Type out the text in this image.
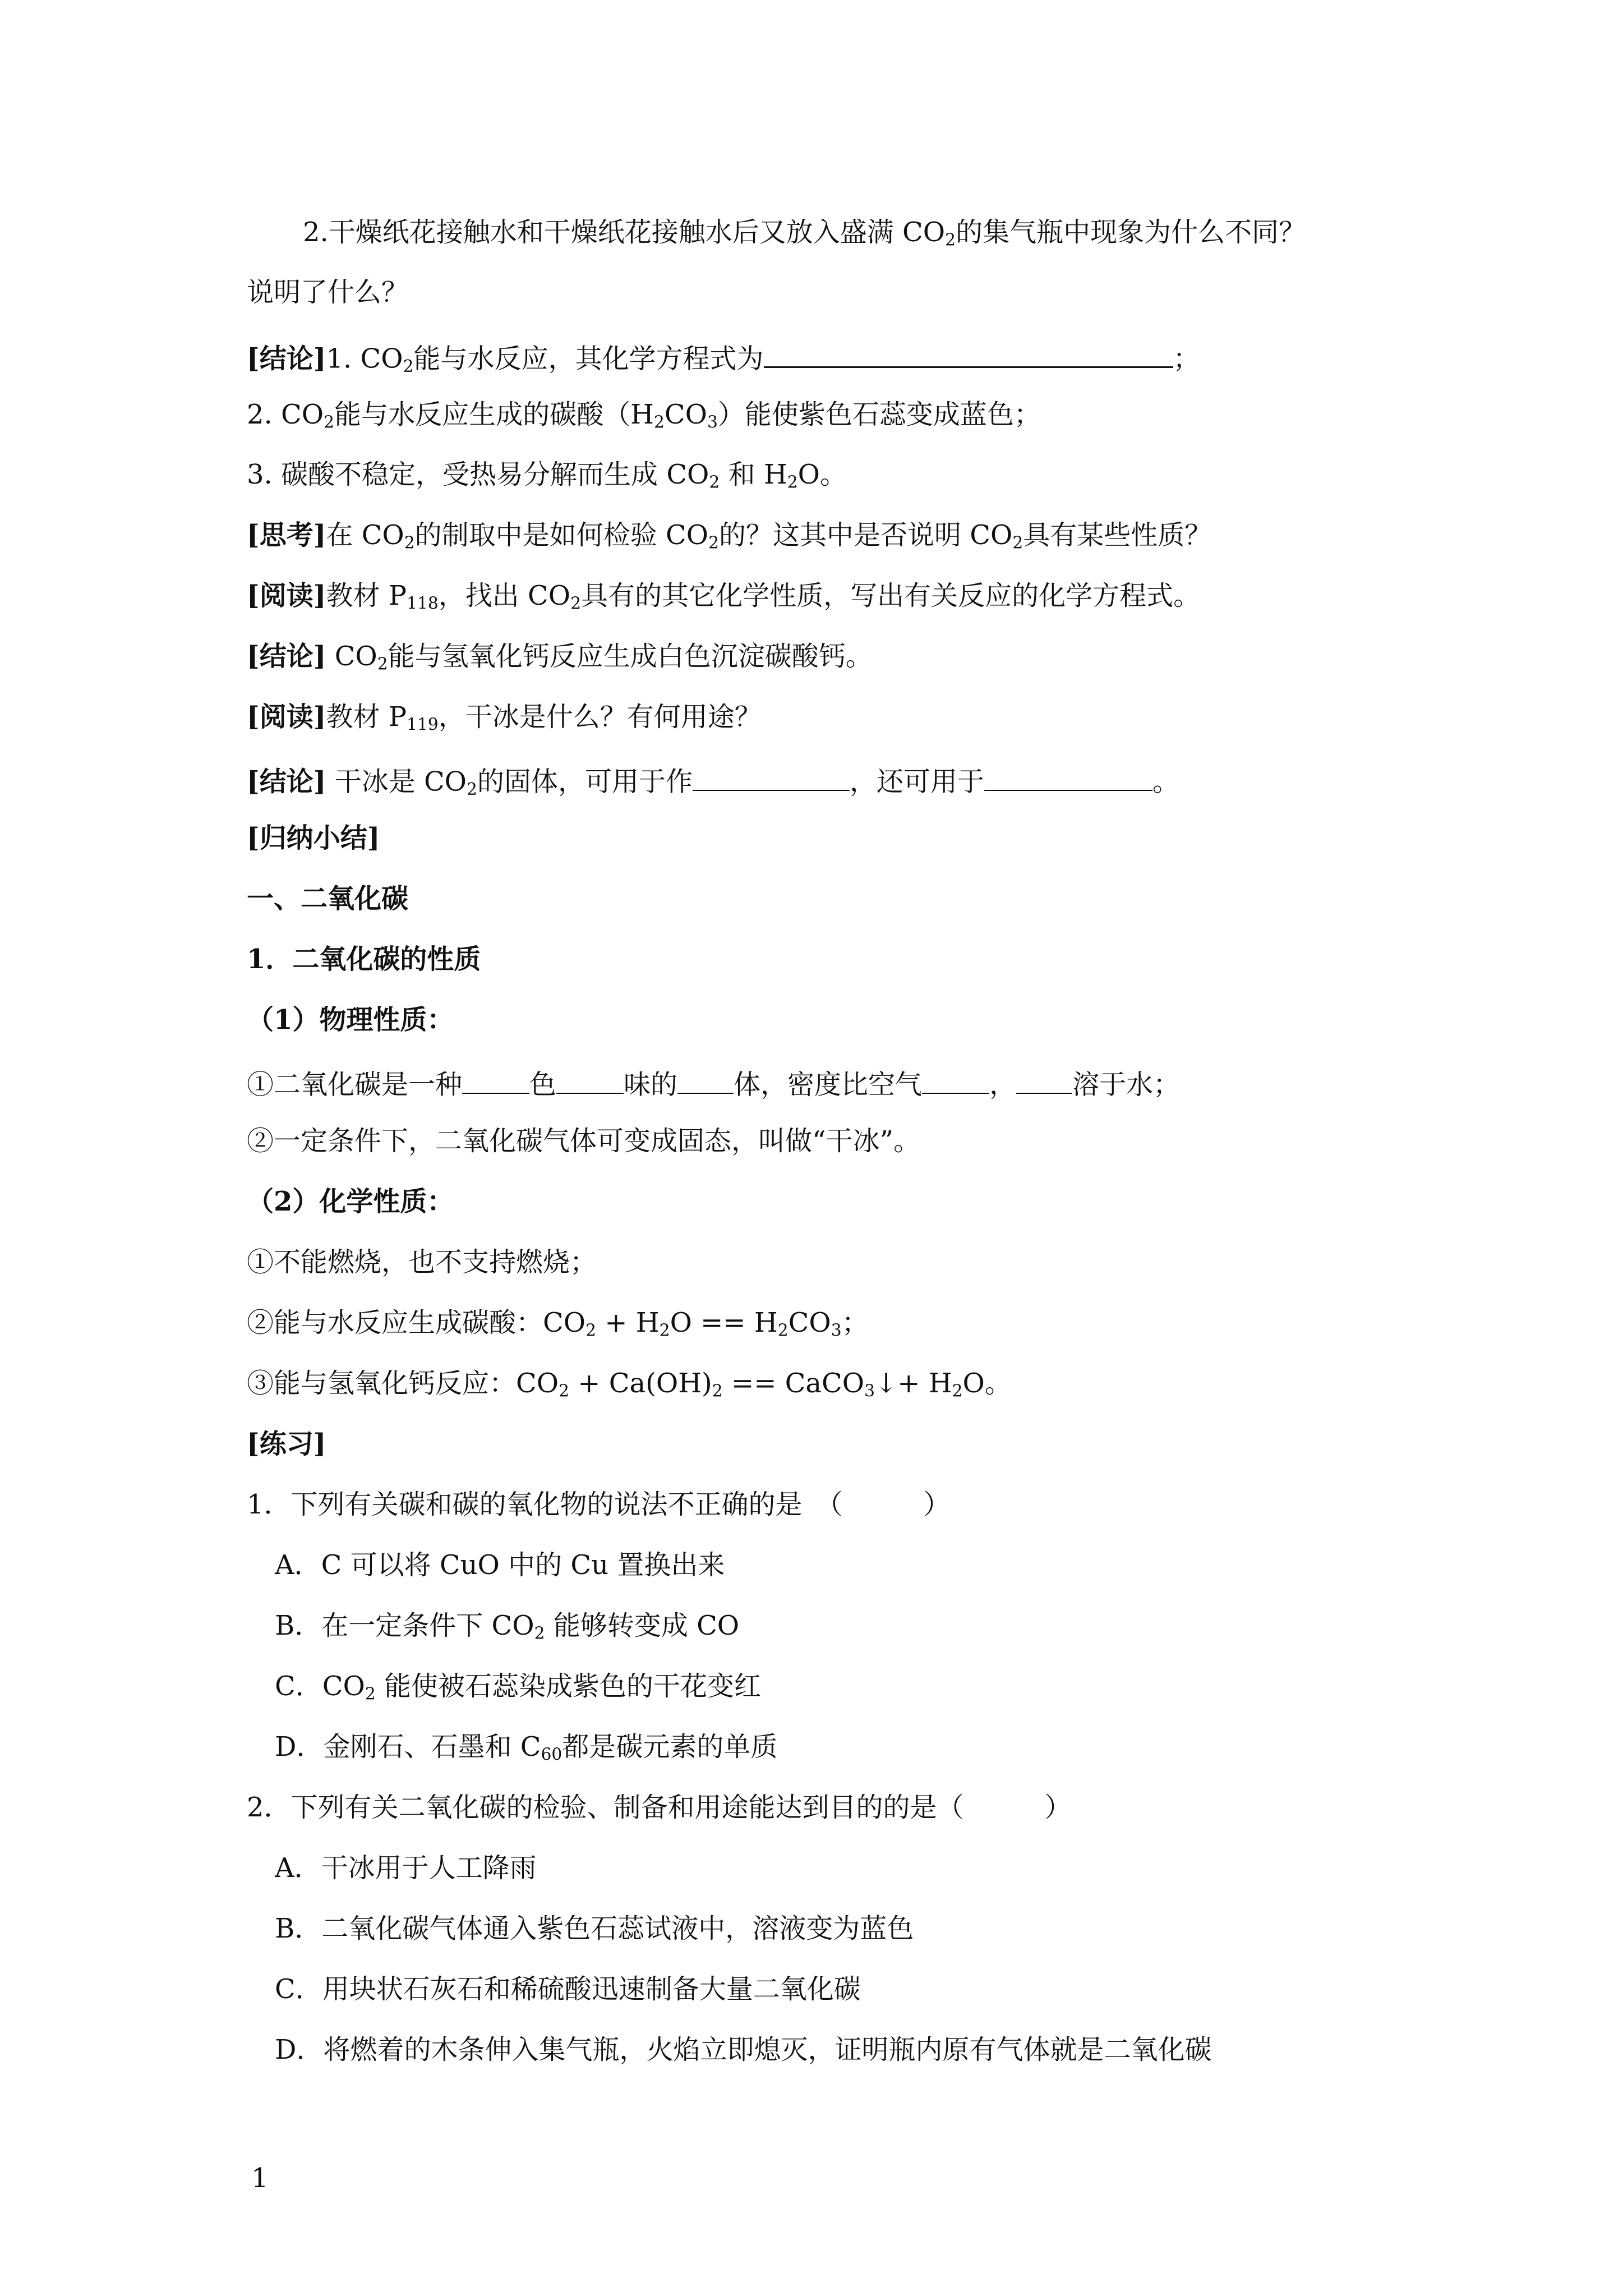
2.干燥纸花接触水和干燥纸花接触水后又放入盛满 $CO_2$的集气瓶中现象为什么不同？
说明了什么？
[结论]1. $CO_2$能与水反应，其化学方程式为	；
2. $CO_2$能与水反应生成的碳酸$(H_2CO_3)$能使紫色石蕊变成蓝色；
3. 碳酸不稳定，受热易分解而生成 $CO_2$ 和 $H_2O$。
[思考]在 $CO_2$的制取中是如何检验 $CO_2$的？这其中是否说明 $CO_2$具有某些性质？
[阅读]教材 $P_{118}$，找出 $CO_2$具有的其它化学性质，写出有关反应的化学方程式。
[结论] $CO_2$能与氢氧化钙反应生成白色沉淀碳酸钙。
[阅读]教材 $P_{119}$，干冰是什么？有何用途？
[结论] 干冰是 $CO_2$的固体，可用于作	，还可用于	。
[归纳小结]
一、二氧化碳
1．二氧化碳的性质
（1）物理性质：
①二氧化碳是一种	色	味的 体，密度比空气	， 溶于水；
②一定条件下，二氧化碳气体可变成固态，叫做“干冰”。
（2）化学性质：
①不能燃烧，也不支持燃烧；
②能与水反应生成碳酸：$CO_2 + H_2O == H_2CO_3$；
③能与氢氧化钙反应：$CO_2 + Ca(OH)_2$ == CaCO$_3$↓+ $H_2O$。
[练习]
1．下列有关碳和碳的氧化物的说法不正确的是　（　　　）
A．C 可以将 CuO 中的 Cu 置换出来
B．在一定条件下 $CO_2$ 能够转变成 CO
C．$CO_2$ 能使被石蕊染成紫色的干花变红
D．金刚石、石墨和 $C_{60}$都是碳元素的单质
2．下列有关二氧化碳的检验、制备和用途能达到目的的是（　　　）
A．干冰用于人工降雨
B．二氧化碳气体通入紫色石蕊试液中，溶液变为蓝色
C．用块状石灰石和稀硫酸迅速制备大量二氧化碳
D．将燃着的木条伸入集气瓶，火焰立即熄灭，证明瓶内原有气体就是二氧化碳
1
